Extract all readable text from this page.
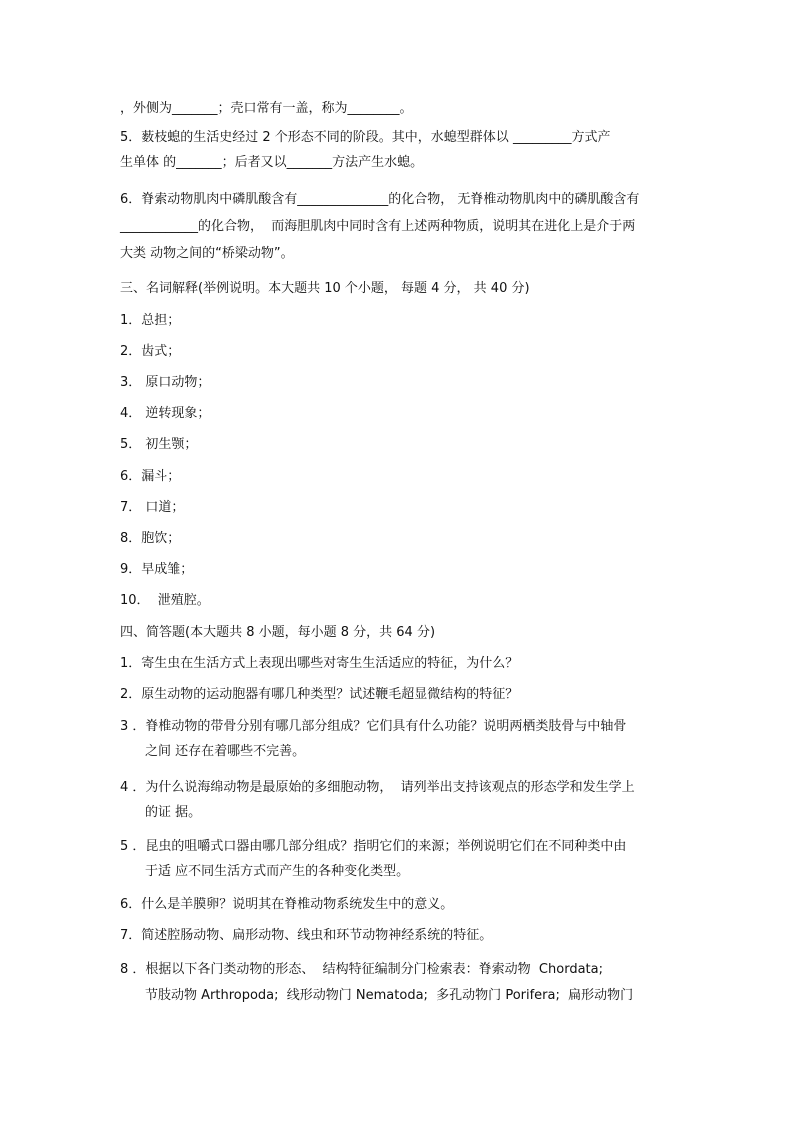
，外侧为_______；壳口常有一盖，称为________。
5．薮枝螅的生活史经过 2 个形态不同的阶段。其中，水螅型群体以 _________方式产
生单体 的_______；后者又以_______方法产生水螅。
6．脊索动物肌肉中磷肌酸含有______________的化合物， 无脊椎动物肌肉中的磷肌酸含有
____________的化合物，  而海胆肌肉中同时含有上述两种物质，说明其在进化上是介于两
大类 动物之间的“桥梁动物”。
三、名词解释(举例说明。本大题共 10 个小题， 每题 4 分， 共 40 分)
1．总担；
2．齿式；
3． 原口动物；
4． 逆转现象；
5． 初生颚；
6．漏斗；
7． 口道；
8．胞饮；
9．早成雏；
10．  泄殖腔。
四、简答题(本大题共 8 小题，每小题 8 分，共 64 分)
1．寄生虫在生活方式上表现出哪些对寄生生活适应的特征，为什么？
2．原生动物的运动胞器有哪几种类型？试述鞭毛超显微结构的特征？
3 ．脊椎动物的带骨分别有哪几部分组成？它们具有什么功能？说明两栖类肢骨与中轴骨
之间 还存在着哪些不完善。
4 ．为什么说海绵动物是最原始的多细胞动物，  请列举出支持该观点的形态学和发生学上
的证 据。
5 ．昆虫的咀嚼式口器由哪几部分组成？指明它们的来源；举例说明它们在不同种类中由
于适 应不同生活方式而产生的各种变化类型。
6．什么是羊膜卵？说明其在脊椎动物系统发生中的意义。
7．简述腔肠动物、扁形动物、线虫和环节动物神经系统的特征。
8 ．根据以下各门类动物的形态、  结构特征编制分门检索表：脊索动物  Chordata;
节肢动物 Arthropoda;  线形动物门 Nematoda;  多孔动物门 Porifera;  扁形动物门
